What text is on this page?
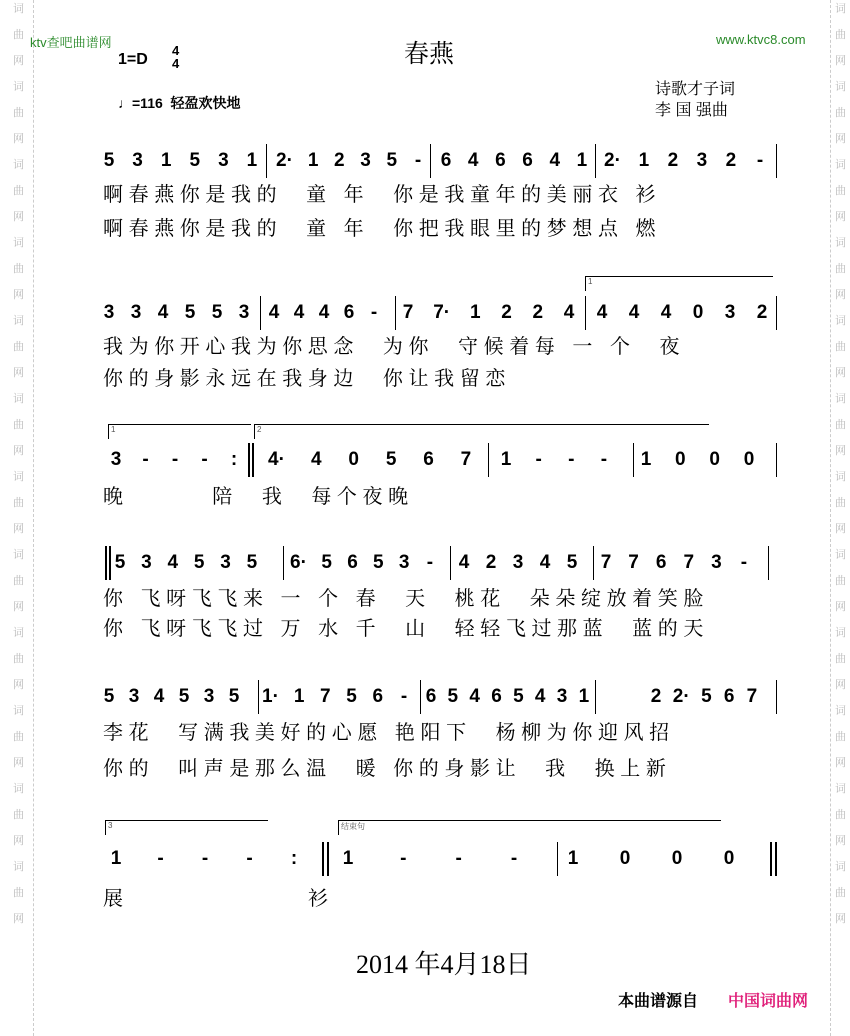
词
曲
网
词
曲
网
词
曲
网
词
曲
网
词
曲
网
词
曲
网
词
曲
网
词
曲
网
词
曲
网
词
曲
网
词
曲
网
词
曲
网
词
曲
网
词
曲
网
词
曲
网
词
曲
网
词
曲
网
词
曲
网
词
曲
网
词
曲
网
词
曲
网
词
曲
网
词
曲
网
词
曲
网
ktv查吧曲谱网	www.ktvc8.com
春燕
1=D
4
4
♩=116  轻盈欢快地
诗歌才子词
李 国 强曲
5 3 1 5 3 1 2· 1 2 3 5 - 6 4 6 6 4 1 2· 1 2 3 2 -
啊春燕你是我的  童 年  你是我童年的美丽衣 衫
啊春燕你是我的  童 年  你把我眼里的梦想点 燃
3 3 4 5 5 3 4 4 4 6 - 7 7· 1 2 2 4 4 4 4 0 3 2
我为你开心我为你思念  为你  守候着每 一 个  夜
你的身影永远在我身边  你让我留恋
1
3 - - - : 4· 4 0 5 6 7 1 - - - 1 0 0 0
晚       陪  我  每个夜晚
1	2
5 3 4 5 3 5 6· 5 6 5 3 - 4 2 3 4 5 7 7 6 7 3 -
你 飞呀飞飞来 一 个 春  天  桃花  朵朵绽放着笑脸
你 飞呀飞飞过 万 水 千  山  轻轻飞过那蓝  蓝的天
5 3 4 5 3 5 1· 1 7 5 6 - 6 5 4 6 5 4 3 1	2 2· 5 6 7
李花  写满我美好的心愿 艳阳下  杨柳为你迎风招
你的  叫声是那么温  暖 你的身影让  我  换上新
1 - - - : 1 -	-	-	1 0 0 0
展               衫
3	结束句
2014 年4月18日
本曲谱源自 中国词曲网
